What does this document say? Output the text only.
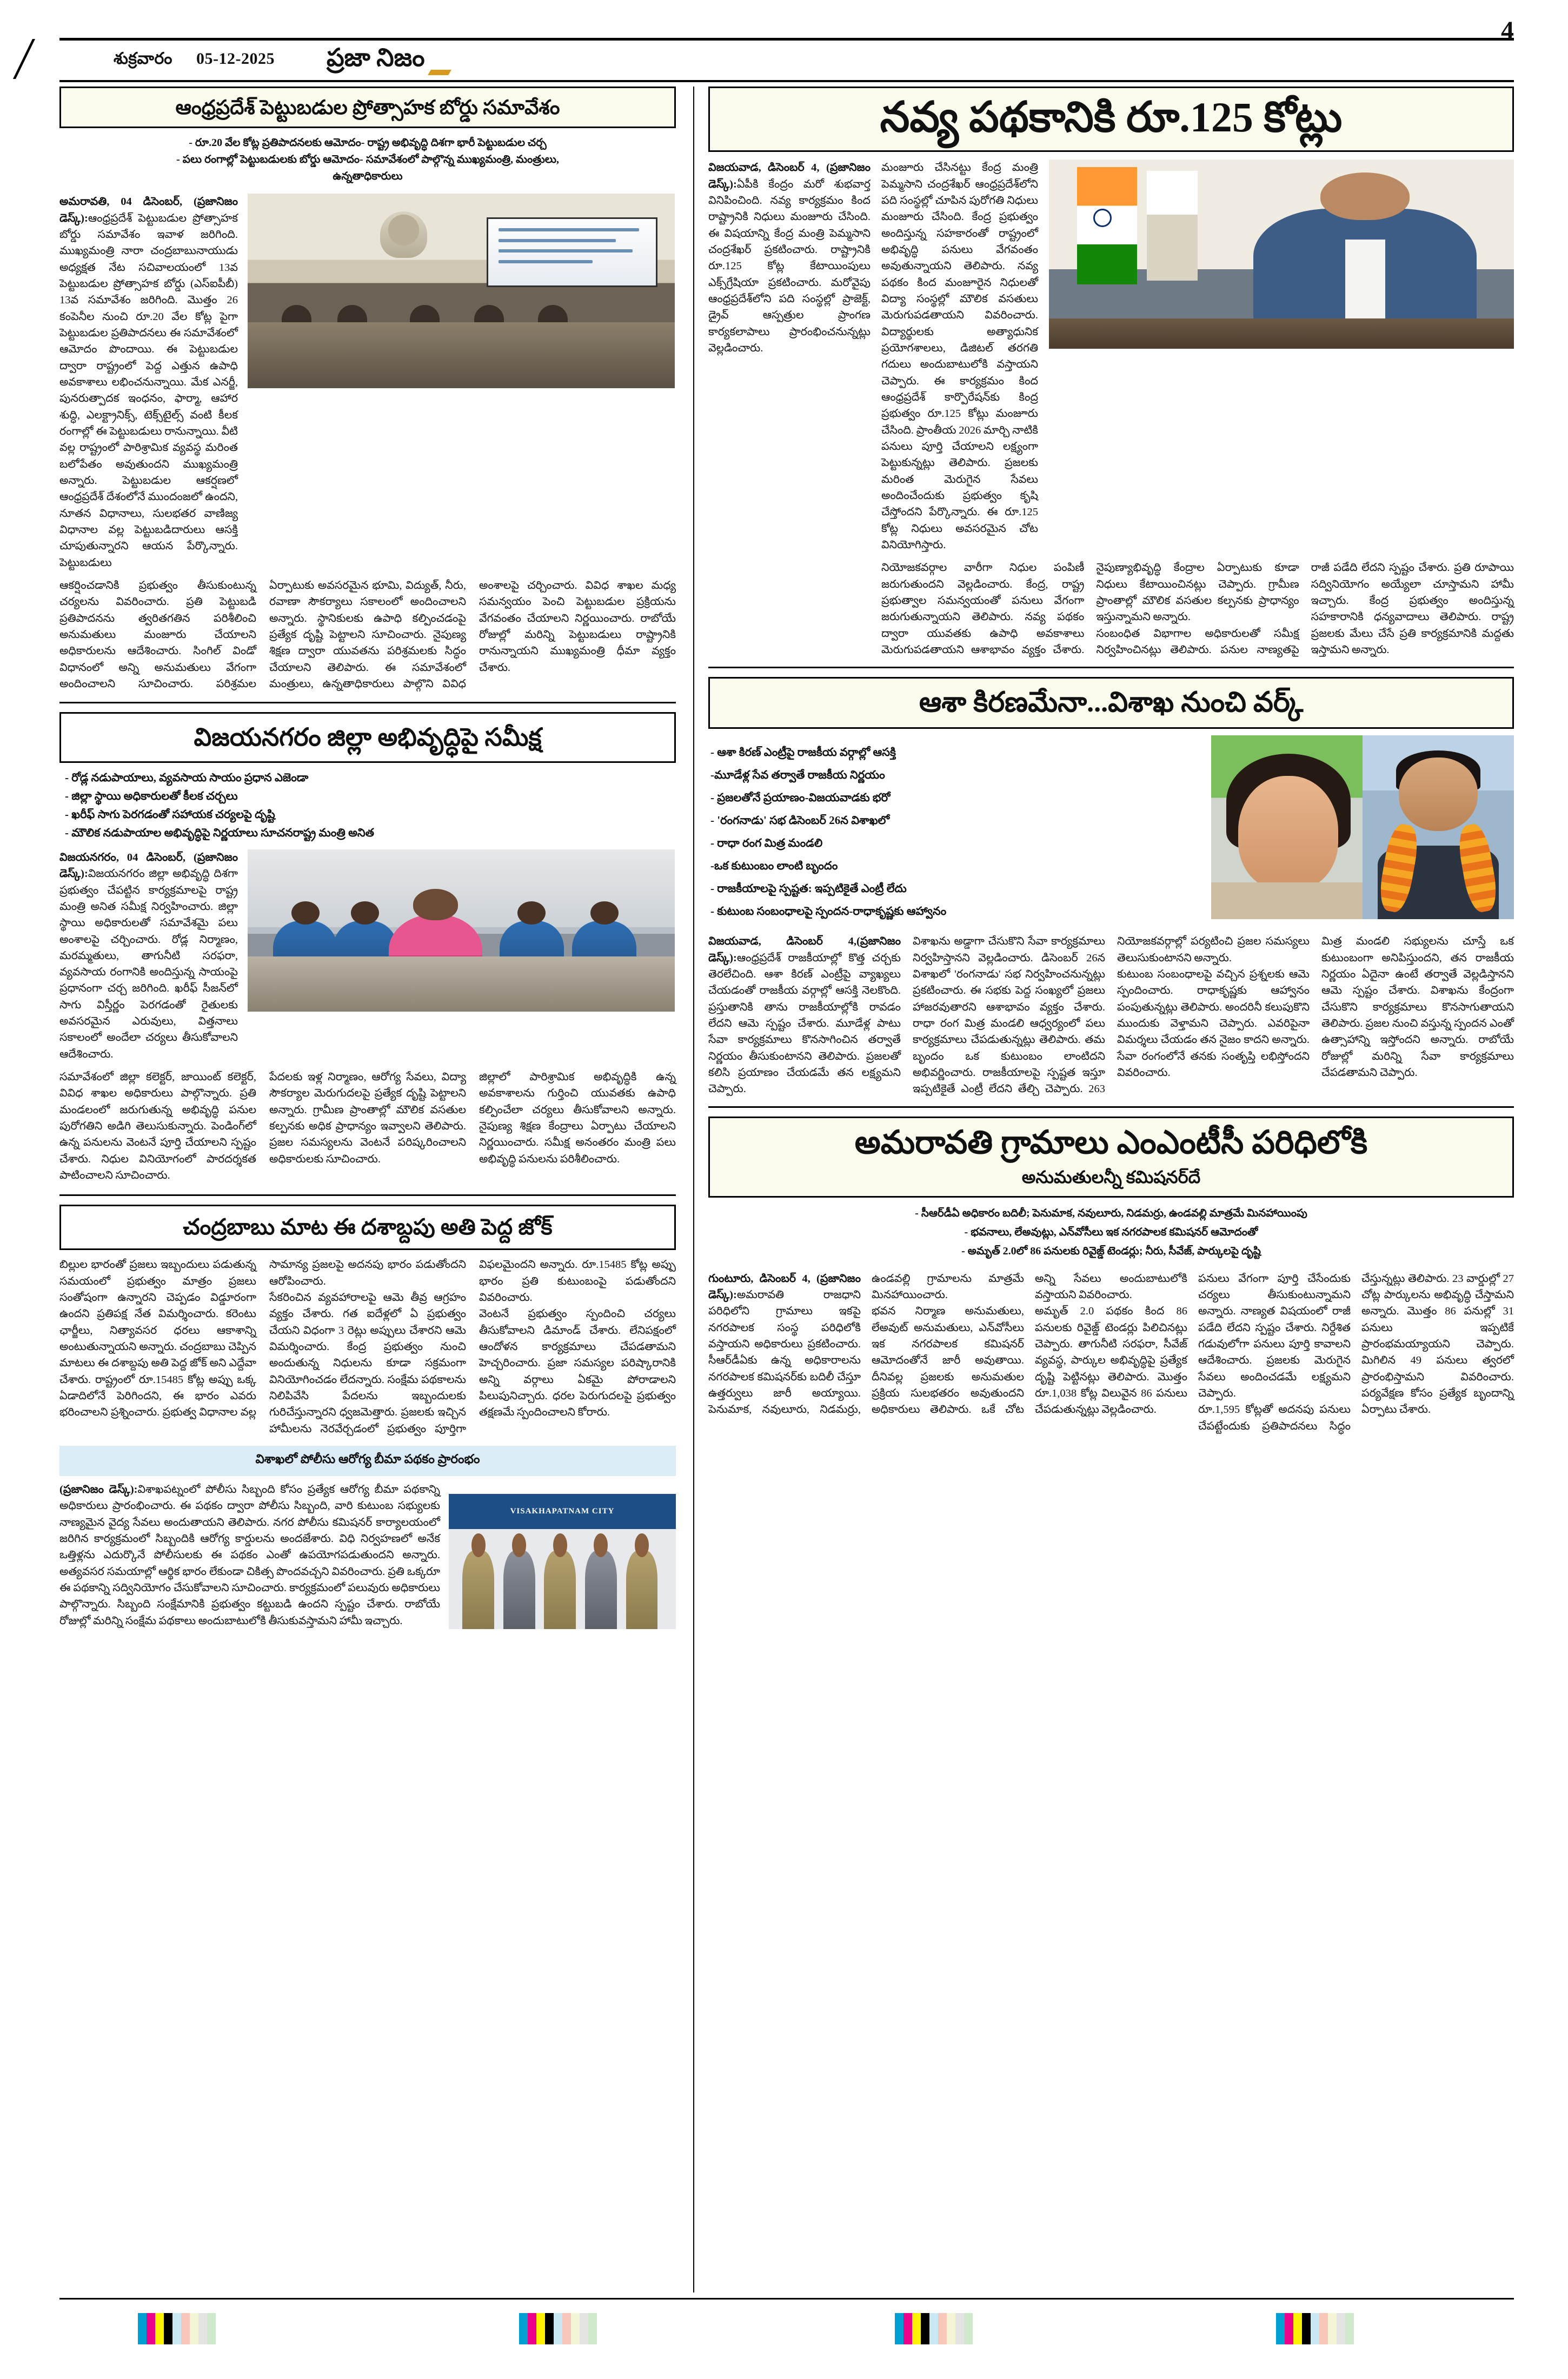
శుక్రవారం 05-12-2025 ప్రజా నిజం
4
ఆంధ్రప్రదేశ్ పెట్టుబడుల ప్రోత్సాహక బోర్డు సమావేశం
- రూ.20 వేల కోట్ల ప్రతిపాదనలకు ఆమోదం- రాష్ట్ర అభివృద్ధి దిశగా భారీ పెట్టుబడుల చర్చ
- పలు రంగాల్లో పెట్టుబడులకు బోర్డు ఆమోదం- సమావేశంలో పాల్గొన్న ముఖ్యమంత్రి, మంత్రులు,
ఉన్నతాధికారులు

అమరావతి, 04 డిసెంబర్, (ప్రజానిజం డెస్క్):ఆంధ్రప్రదేశ్‌ పెట్టుబడుల ప్రోత్సాహక బోర్డు సమావేశం ఇవాళ జరిగింది. ముఖ్యమంత్రి నారా చంద్రబాబునాయుడు అధ్యక్షత నేట సచివాలయంలో 13వ పెట్టుబడుల ప్రోత్సాహక బోర్డు (ఎస్ఐపీబీ) 13వ సమావేశం జరిగింది. మొత్తం 26 కంపెనీల నుంచి రూ.20 వేల కోట్ల పైగా పెట్టుబడుల ప్రతిపాదనలు ఈ సమావేశంలో ఆమోదం పొందాయి. ఈ పెట్టుబడుల ద్వారా రాష్ట్రంలో పెద్ద ఎత్తున ఉపాధి అవకాశాలు లభించనున్నాయి. మేక ఎనర్జీ, పునరుత్పాదక ఇంధనం, ఫార్మా, ఆహార శుద్ధి, ఎలక్ట్రానిక్స్, టెక్స్‌టైల్స్ వంటి కీలక రంగాల్లో ఈ పెట్టుబడులు రానున్నాయి. వీటి వల్ల రాష్ట్రంలో పారిశ్రామిక వ్యవస్థ మరింత బలోపేతం అవుతుందని ముఖ్యమంత్రి అన్నారు. పెట్టుబడుల ఆకర్షణలో ఆంధ్రప్రదేశ్ దేశంలోనే ముందంజలో ఉందని, నూతన విధానాలు, సులభతర వాణిజ్య విధానాల వల్ల పెట్టుబడిదారులు ఆసక్తి చూపుతున్నారని ఆయన పేర్కొన్నారు. పెట్టుబడులు

ఆకర్షించడానికి ప్రభుత్వం తీసుకుంటున్న చర్యలను వివరించారు. ప్రతి పెట్టుబడి ప్రతిపాదనను త్వరితగతిన పరిశీలించి అనుమతులు మంజూరు చేయాలని అధికారులను ఆదేశించారు. సింగిల్ విండో విధానంలో అన్ని అనుమతులు వేగంగా అందించాలని సూచించారు. పరిశ్రమల ఏర్పాటుకు అవసరమైన భూమి, విద్యుత్, నీరు, రవాణా సౌకర్యాలు సకాలంలో అందించాలని అన్నారు. స్థానికులకు ఉపాధి కల్పించడంపై ప్రత్యేక దృష్టి పెట్టాలని సూచించారు. నైపుణ్య శిక్షణ ద్వారా యువతను పరిశ్రమలకు సిద్ధం చేయాలని తెలిపారు. ఈ సమావేశంలో మంత్రులు, ఉన్నతాధికారులు పాల్గొని వివిధ అంశాలపై చర్చించారు. వివిధ శాఖల మధ్య సమన్వయం పెంచి పెట్టుబడుల ప్రక్రియను వేగవంతం చేయాలని నిర్ణయించారు. రాబోయే రోజుల్లో మరిన్ని పెట్టుబడులు రాష్ట్రానికి రానున్నాయని ముఖ్యమంత్రి ధీమా వ్యక్తం చేశారు.

విజయనగరం జిల్లా అభివృద్ధిపై సమీక్ష
- రోడ్ల నడుపాయాలు, వ్యవసాయ సాయం ప్రధాన ఎజెండా
- జిల్లా స్థాయి అధికారులతో కీలక చర్చలు
- ఖరీఫ్ సాగు పెరగడంతో సహాయక చర్యలపై దృష్టి
- మౌలిక నడుపాయాల అభివృద్ధిపై నిర్ణయాలు సూచనరాష్ట్ర మంత్రి అనిత

విజయనగరం, 04 డిసెంబర్, (ప్రజానిజం డెస్క్):విజయనగరం జిల్లా అభివృద్ధి దిశగా ప్రభుత్వం చేపట్టిన కార్యక్రమాలపై రాష్ట్ర మంత్రి అనిత సమీక్ష నిర్వహించారు. జిల్లా స్థాయి అధికారులతో సమావేశమై పలు అంశాలపై చర్చించారు. రోడ్ల నిర్మాణం, మరమ్మతులు, తాగునీటి సరఫరా, వ్యవసాయ రంగానికి అందిస్తున్న సాయంపై ప్రధానంగా చర్చ జరిగింది. ఖరీఫ్ సీజన్‌లో సాగు విస్తీర్ణం పెరగడంతో రైతులకు అవసరమైన ఎరువులు, విత్తనాలు సకాలంలో అందేలా చర్యలు తీసుకోవాలని ఆదేశించారు.

సమావేశంలో జిల్లా కలెక్టర్, జాయింట్ కలెక్టర్, వివిధ శాఖల అధికారులు పాల్గొన్నారు. ప్రతి మండలంలో జరుగుతున్న అభివృద్ధి పనుల పురోగతిని అడిగి తెలుసుకున్నారు. పెండింగ్‌లో ఉన్న పనులను వెంటనే పూర్తి చేయాలని స్పష్టం చేశారు. నిధుల వినియోగంలో పారదర్శకత పాటించాలని సూచించారు.

పేదలకు ఇళ్ల నిర్మాణం, ఆరోగ్య సేవలు, విద్యా సౌకర్యాల మెరుగుదలపై ప్రత్యేక దృష్టి పెట్టాలని అన్నారు. గ్రామీణ ప్రాంతాల్లో మౌలిక వసతుల కల్పనకు అధిక ప్రాధాన్యం ఇవ్వాలని తెలిపారు. ప్రజల సమస్యలను వెంటనే పరిష్కరించాలని అధికారులకు సూచించారు.

జిల్లాలో పారిశ్రామిక అభివృద్ధికి ఉన్న అవకాశాలను గుర్తించి యువతకు ఉపాధి కల్పించేలా చర్యలు తీసుకోవాలని అన్నారు. నైపుణ్య శిక్షణ కేంద్రాలు ఏర్పాటు చేయాలని నిర్ణయించారు. సమీక్ష అనంతరం మంత్రి పలు అభివృద్ధి పనులను పరిశీలించారు.

చంద్రబాబు మాట ఈ దశాబ్దపు అతి పెద్ద జోక్

బిల్లుల భారంతో ప్రజలు ఇబ్బందులు పడుతున్న సమయంలో ప్రభుత్వం మాత్రం ప్రజలు సంతోషంగా ఉన్నారని చెప్పడం విడ్డూరంగా ఉందని ప్రతిపక్ష నేత విమర్శించారు. కరెంటు ఛార్జీలు, నిత్యావసర ధరలు ఆకాశాన్ని అంటుతున్నాయని అన్నారు. చంద్రబాబు చెప్పిన మాటలు ఈ దశాబ్దపు అతి పెద్ద జోక్ అని ఎద్దేవా చేశారు. రాష్ట్రంలో రూ.15485 కోట్ల అప్పు ఒక్క ఏడాదిలోనే పెరిగిందని, ఈ భారం ఎవరు భరించాలని ప్రశ్నించారు. ప్రభుత్వ విధానాల వల్ల సామాన్య ప్రజలపై అదనపు భారం పడుతోందని ఆరోపించారు.

సేకరించిన వ్యవహారాలపై ఆమె తీవ్ర ఆగ్రహం వ్యక్తం చేశారు. గత ఐదేళ్లలో ఏ ప్రభుత్వం చేయని విధంగా 3 రెట్లు అప్పులు చేశారని ఆమె విమర్శించారు. కేంద్ర ప్రభుత్వం నుంచి అందుతున్న నిధులను కూడా సక్రమంగా వినియోగించడం లేదన్నారు. సంక్షేమ పథకాలను నిలిపివేసి పేదలను ఇబ్బందులకు గురిచేస్తున్నారని ధ్వజమెత్తారు. ప్రజలకు ఇచ్చిన హామీలను నెరవేర్చడంలో ప్రభుత్వం పూర్తిగా విఫలమైందని అన్నారు. రూ.15485 కోట్ల అప్పు భారం ప్రతి కుటుంబంపై పడుతోందని వివరించారు.

వెంటనే ప్రభుత్వం స్పందించి చర్యలు తీసుకోవాలని డిమాండ్ చేశారు. లేనిపక్షంలో ఆందోళన కార్యక్రమాలు చేపడతామని హెచ్చరించారు. ప్రజా సమస్యల పరిష్కారానికి అన్ని వర్గాలు ఏకమై పోరాడాలని పిలుపునిచ్చారు. ధరల పెరుగుదలపై ప్రభుత్వం తక్షణమే స్పందించాలని కోరారు.

విశాఖలో పోలీసు ఆరోగ్య బీమా పథకం ప్రారంభం

(ప్రజానిజం డెస్క్):విశాఖపట్నంలో పోలీసు సిబ్బంది కోసం ప్రత్యేక ఆరోగ్య బీమా పథకాన్ని అధికారులు ప్రారంభించారు. ఈ పథకం ద్వారా పోలీసు సిబ్బంది, వారి కుటుంబ సభ్యులకు నాణ్యమైన వైద్య సేవలు అందుతాయని తెలిపారు. నగర పోలీసు కమిషనర్ కార్యాలయంలో జరిగిన కార్యక్రమంలో సిబ్బందికి ఆరోగ్య కార్డులను అందజేశారు. విధి నిర్వహణలో అనేక ఒత్తిళ్లను ఎదుర్కొనే పోలీసులకు ఈ పథకం ఎంతో ఉపయోగపడుతుందని అన్నారు. అత్యవసర సమయాల్లో ఆర్థిక భారం లేకుండా చికిత్స పొందవచ్చని వివరించారు. ప్రతి ఒక్కరూ ఈ పథకాన్ని సద్వినియోగం చేసుకోవాలని సూచించారు. కార్యక్రమంలో పలువురు అధికారులు పాల్గొన్నారు. సిబ్బంది సంక్షేమానికి ప్రభుత్వం కట్టుబడి ఉందని స్పష్టం చేశారు. రాబోయే రోజుల్లో మరిన్ని సంక్షేమ పథకాలు అందుబాటులోకి తీసుకువస్తామని హామీ ఇచ్చారు.

VISAKHAPATNAM CITY
నవ్య పథకానికి రూ.125 కోట్లు

విజయవాడ, డిసెంబర్ 4, (ప్రజానిజం డెస్క్):ఏపీకి కేంద్రం మరో శుభవార్త వినిపించింది. నవ్య కార్యక్రమం కింద రాష్ట్రానికి నిధులు మంజూరు చేసింది. ఈ విషయాన్ని కేంద్ర మంత్రి పెమ్మసాని చంద్రశేఖర్ ప్రకటించారు. రాష్ట్రానికి రూ.125 కోట్ల కేటాయింపులు ఎక్స్‌గ్రేషియా ప్రకటించారు. మరోవైపు ఆంధ్రప్రదేశ్‌లోని పది సంస్థల్లో ప్రాజెక్ట్, డ్రైవ్ ఆస్పత్రుల ప్రాంగణ కార్యకలాపాలు ప్రారంభించనున్నట్లు వెల్లడించారు.

మంజూరు చేసినట్టు కేంద్ర మంత్రి పెమ్మసాని చంద్రశేఖర్ ఆంధ్రప్రదేశ్‌లోని పది సంస్థల్లో చూపిన పురోగతి నిధులు మంజూరు చేసింది. కేంద్ర ప్రభుత్వం అందిస్తున్న సహకారంతో రాష్ట్రంలో అభివృద్ధి పనులు వేగవంతం అవుతున్నాయని తెలిపారు. నవ్య పథకం కింద మంజూరైన నిధులతో విద్యా సంస్థల్లో మౌలిక వసతులు మెరుగుపడతాయని వివరించారు. విద్యార్థులకు అత్యాధునిక ప్రయోగశాలలు, డిజిటల్ తరగతి గదులు అందుబాటులోకి వస్తాయని చెప్పారు. ఈ కార్యక్రమం కింద ఆంధ్రప్రదేశ్ కార్పొరేషన్‌కు కింద్ర ప్రభుత్వం రూ.125 కోట్లు మంజూరు చేసింది. ప్రాంతీయ 2026 మార్చి నాటికి పనులు పూర్తి చేయాలని లక్ష్యంగా పెట్టుకున్నట్లు తెలిపారు. ప్రజలకు మరింత మెరుగైన సేవలు అందించేందుకు ప్రభుత్వం కృషి చేస్తోందని పేర్కొన్నారు. ఈ రూ.125 కోట్ల నిధులు అవసరమైన చోట వినియోగిస్తారు.

నియోజకవర్గాల వారీగా నిధుల పంపిణీ జరుగుతుందని వెల్లడించారు. కేంద్ర, రాష్ట్ర ప్రభుత్వాల సమన్వయంతో పనులు వేగంగా జరుగుతున్నాయని తెలిపారు. నవ్య పథకం ద్వారా యువతకు ఉపాధి అవకాశాలు మెరుగుపడతాయని ఆశాభావం వ్యక్తం చేశారు. నైపుణ్యాభివృద్ధి కేంద్రాల ఏర్పాటుకు కూడా నిధులు కేటాయించినట్లు చెప్పారు. గ్రామీణ ప్రాంతాల్లో మౌలిక వసతుల కల్పనకు ప్రాధాన్యం ఇస్తున్నామని అన్నారు.

సంబంధిత విభాగాల అధికారులతో సమీక్ష నిర్వహించినట్లు తెలిపారు. పనుల నాణ్యతపై రాజీ పడేది లేదని స్పష్టం చేశారు. ప్రతి రూపాయి సద్వినియోగం అయ్యేలా చూస్తామని హామీ ఇచ్చారు. కేంద్ర ప్రభుత్వం అందిస్తున్న సహకారానికి ధన్యవాదాలు తెలిపారు. రాష్ట్ర ప్రజలకు మేలు చేసే ప్రతి కార్యక్రమానికి మద్దతు ఇస్తామని అన్నారు.

ఆశా కిరణమేనా...విశాఖ నుంచి వర్క్
- ఆశా కిరణ్ ఎంట్రీపై రాజకీయ వర్గాల్లో ఆసక్తి
-మూడేళ్ల సేవ తర్వాతే రాజకీయ నిర్ణయం
- ప్రజలతోనే ప్రయాణం-విజయవాడకు భరో
- 'రంగనాడు' సభ డిసెంబర్ 26న విశాఖలో
- రాధా రంగ మిత్ర మండలి
-ఒక కుటుంబం లాంటి బృందం
- రాజకీయాలపై స్పష్టత: ఇప్పటికైతే ఎంట్రీ లేదు
- కుటుంబ సంబంధాలపై స్పందన-రాధాకృష్ణకు ఆహ్వానం

విజయవాడ, డిసెంబర్ 4,(ప్రజానిజం డెస్క్):ఆంధ్రప్రదేశ్ రాజకీయాల్లో కొత్త చర్చకు తెరలేచింది. ఆశా కిరణ్ ఎంట్రీపై వ్యాఖ్యలు చేయడంతో రాజకీయ వర్గాల్లో ఆసక్తి నెలకొంది. ప్రస్తుతానికి తాను రాజకీయాల్లోకి రావడం లేదని ఆమె స్పష్టం చేశారు. మూడేళ్ల పాటు సేవా కార్యక్రమాలు కొనసాగించిన తర్వాతే నిర్ణయం తీసుకుంటానని తెలిపారు. ప్రజలతో కలిసి ప్రయాణం చేయడమే తన లక్ష్యమని చెప్పారు.

విశాఖను అడ్డాగా చేసుకొని సేవా కార్యక్రమాలు నిర్వహిస్తానని వెల్లడించారు. డిసెంబర్ 26న విశాఖలో 'రంగనాడు' సభ నిర్వహించనున్నట్లు ప్రకటించారు. ఈ సభకు పెద్ద సంఖ్యలో ప్రజలు హాజరవుతారని ఆశాభావం వ్యక్తం చేశారు. రాధా రంగ మిత్ర మండలి ఆధ్వర్యంలో పలు కార్యక్రమాలు చేపడుతున్నట్లు తెలిపారు. తమ బృందం ఒక కుటుంబం లాంటిదని అభివర్ణించారు. రాజకీయాలపై స్పష్టత ఇస్తూ ఇప్పటికైతే ఎంట్రీ లేదని తేల్చి చెప్పారు. 263 నియోజకవర్గాల్లో పర్యటించి ప్రజల సమస్యలు తెలుసుకుంటానని అన్నారు.

కుటుంబ సంబంధాలపై వచ్చిన ప్రశ్నలకు ఆమె స్పందించారు. రాధాకృష్ణకు ఆహ్వానం పంపుతున్నట్లు తెలిపారు. అందరినీ కలుపుకొని ముందుకు వెళ్తామని చెప్పారు. ఎవరిపైనా విమర్శలు చేయడం తన నైజం కాదని అన్నారు. సేవా రంగంలోనే తనకు సంతృప్తి లభిస్తోందని వివరించారు.

మిత్ర మండలి సభ్యులను చూస్తే ఒక కుటుంబంగా అనిపిస్తుందని, తన రాజకీయ నిర్ణయం ఏదైనా ఉంటే తర్వాతే వెల్లడిస్తానని ఆమె స్పష్టం చేశారు. విశాఖను కేంద్రంగా చేసుకొని కార్యక్రమాలు కొనసాగుతాయని తెలిపారు. ప్రజల నుంచి వస్తున్న స్పందన ఎంతో ఉత్సాహాన్ని ఇస్తోందని అన్నారు. రాబోయే రోజుల్లో మరిన్ని సేవా కార్యక్రమాలు చేపడతామని చెప్పారు.

అమరావతి గ్రామాలు ఎంఎంటీసీ పరిధిలోకి
అనుమతులన్నీ కమిషనర్‌దే
- సీఆర్‌డీఏ అధికారం బదిలీ; పెనుమాక, నవులూరు, నిడమర్రు, ఉండవల్లి మాత్రమే మినహాయింపు
- భవనాలు, లేఅవుట్లు, ఎన్‌వోసీలు ఇక నగరపాలక కమిషనర్ ఆమోదంతో
- అమృత్ 2.0లో 86 పనులకు రివైజ్డ్ టెండర్లు; నీరు, సీవేజ్, పార్కులపై దృష్టి

గుంటూరు, డిసెంబర్ 4, (ప్రజానిజం డెస్క్):అమరావతి రాజధాని పరిధిలోని గ్రామాలు ఇకపై నగరపాలక సంస్థ పరిధిలోకి వస్తాయని అధికారులు ప్రకటించారు. సీఆర్‌డీఏకు ఉన్న అధికారాలను నగరపాలక కమిషనర్‌కు బదిలీ చేస్తూ ఉత్తర్వులు జారీ అయ్యాయి. పెనుమాక, నవులూరు, నిడమర్రు, ఉండవల్లి గ్రామాలను మాత్రమే మినహాయించారు.

భవన నిర్మాణ అనుమతులు, లేఅవుట్ అనుమతులు, ఎన్‌వోసీలు ఇక నగరపాలక కమిషనర్ ఆమోదంతోనే జారీ అవుతాయి. దీనివల్ల ప్రజలకు అనుమతుల ప్రక్రియ సులభతరం అవుతుందని అధికారులు తెలిపారు. ఒకే చోట అన్ని సేవలు అందుబాటులోకి వస్తాయని వివరించారు.

అమృత్ 2.0 పథకం కింద 86 పనులకు రివైజ్డ్ టెండర్లు పిలిచినట్లు చెప్పారు. తాగునీటి సరఫరా, సీవేజ్ వ్యవస్థ, పార్కుల అభివృద్ధిపై ప్రత్యేక దృష్టి పెట్టినట్లు తెలిపారు. మొత్తం రూ.1,038 కోట్ల విలువైన 86 పనులు చేపడుతున్నట్లు వెల్లడించారు.

పనులు వేగంగా పూర్తి చేసేందుకు చర్యలు తీసుకుంటున్నామని అన్నారు. నాణ్యత విషయంలో రాజీ పడేది లేదని స్పష్టం చేశారు. నిర్దేశిత గడువులోగా పనులు పూర్తి కావాలని ఆదేశించారు. ప్రజలకు మెరుగైన సేవలు అందించడమే లక్ష్యమని చెప్పారు.

రూ.1,595 కోట్లతో అదనపు పనులు చేపట్టేందుకు ప్రతిపాదనలు సిద్ధం చేస్తున్నట్లు తెలిపారు. 23 వార్డుల్లో 27 చోట్ల పార్కులను అభివృద్ధి చేస్తామని అన్నారు. మొత్తం 86 పనుల్లో 31 పనులు ఇప్పటికే ప్రారంభమయ్యాయని చెప్పారు. మిగిలిన 49 పనులు త్వరలో ప్రారంభిస్తామని వివరించారు. పర్యవేక్షణ కోసం ప్రత్యేక బృందాన్ని ఏర్పాటు చేశారు.
